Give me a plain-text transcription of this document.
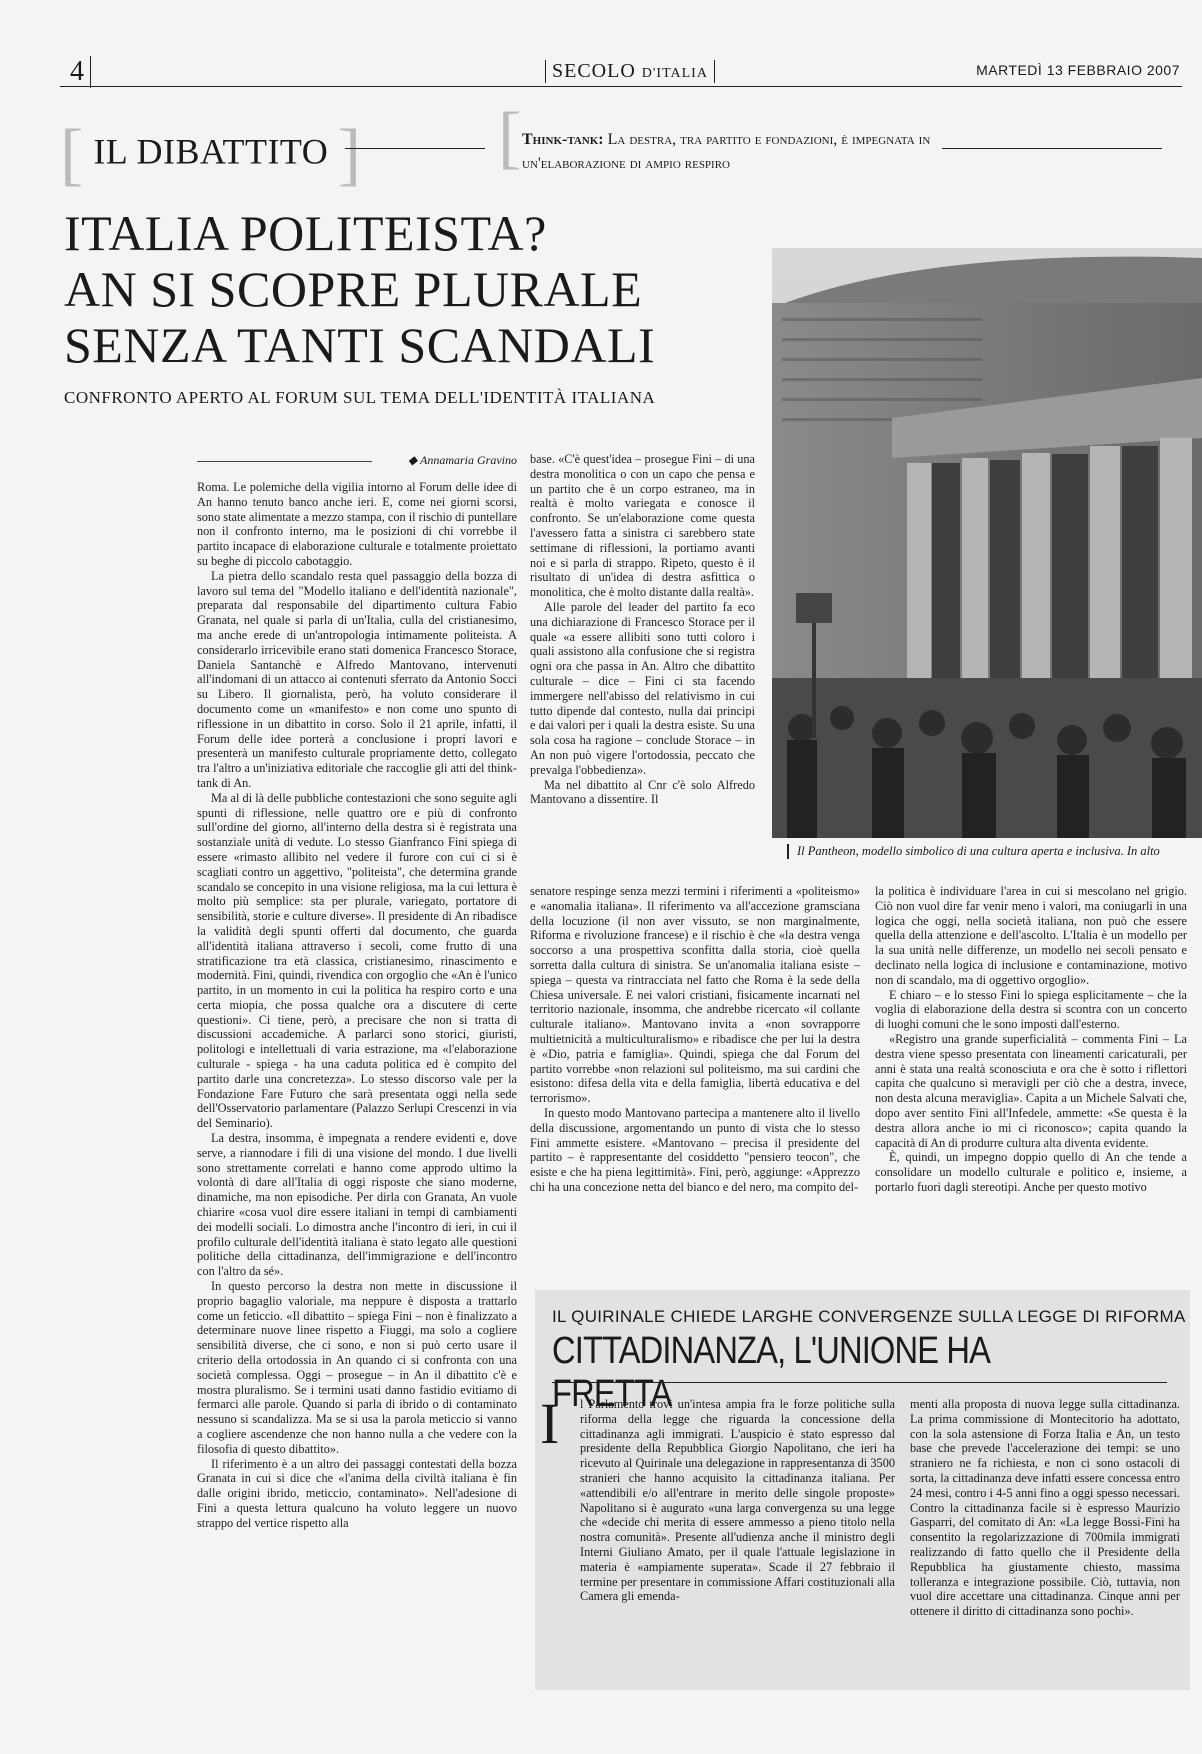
4	SECOLO D'ITALIA	MARTEDÌ 13 FEBBRAIO 2007
[ IL DIBATTITO ] [ Think-tank: La destra, tra partito e fondazioni, è impegnata in un'elaborazione di ampio respiro
ITALIA POLITEISTA?
AN SI SCOPRE PLURALE
SENZA TANTI SCANDALI
CONFRONTO APERTO AL FORUM SUL TEMA DELL'IDENTITÀ ITALIANA
Il Pantheon, modello simbolico di una cultura aperta e inclusiva. In alto
◆ Annamaria Gravino

Roma. Le polemiche della vigilia intorno al Forum delle idee di An hanno tenuto banco anche ieri. E, come nei giorni scorsi, sono state alimentate a mezzo stampa, con il rischio di puntellare non il confronto interno, ma le posizioni di chi vorrebbe il partito incapace di elaborazione culturale e totalmente proiettato su beghe di piccolo cabotaggio.

La pietra dello scandalo resta quel passaggio della bozza di lavoro sul tema del "Modello italiano e dell'identità nazionale", preparata dal responsabile del dipartimento cultura Fabio Granata, nel quale si parla di un'Italia, culla del cristianesimo, ma anche erede di un'antropologia intimamente politeista. A considerarlo irricevibile erano stati domenica Francesco Storace, Daniela Santanchè e Alfredo Mantovano, intervenuti all'indomani di un attacco ai contenuti sferrato da Antonio Socci su Libero. Il giornalista, però, ha voluto considerare il documento come un «manifesto» e non come uno spunto di riflessione in un dibattito in corso. Solo il 21 aprile, infatti, il Forum delle idee porterà a conclusione i propri lavori e presenterà un manifesto culturale propriamente detto, collegato tra l'altro a un'iniziativa editoriale che raccoglie gli atti del think-tank di An.

Ma al di là delle pubbliche contestazioni che sono seguite agli spunti di riflessione, nelle quattro ore e più di confronto sull'ordine del giorno, all'interno della destra si è registrata una sostanziale unità di vedute. Lo stesso Gianfranco Fini spiega di essere «rimasto allibito nel vedere il furore con cui ci si è scagliati contro un aggettivo, "politeista", che determina grande scandalo se concepito in una visione religiosa, ma la cui lettura è molto più semplice: sta per plurale, variegato, portatore di sensibilità, storie e culture diverse». Il presidente di An ribadisce la validità degli spunti offerti dal documento, che guarda all'identità italiana attraverso i secoli, come frutto di una stratificazione tra età classica, cristianesimo, rinascimento e modernità. Fini, quindi, rivendica con orgoglio che «An è l'unico partito, in un momento in cui la politica ha respiro corto e una certa miopia, che possa qualche ora a discutere di certe questioni». Ci tiene, però, a precisare che non si tratta di discussioni accademiche. A parlarci sono storici, giuristi, politologi e intellettuali di varia estrazione, ma «l'elaborazione culturale - spiega - ha una caduta politica ed è compito del partito darle una concretezza». Lo stesso discorso vale per la Fondazione Fare Futuro che sarà presentata oggi nella sede dell'Osservatorio parlamentare (Palazzo Serlupi Crescenzi in via del Seminario).

La destra, insomma, è impegnata a rendere evidenti e, dove serve, a riannodare i fili di una visione del mondo. I due livelli sono strettamente correlati e hanno come approdo ultimo la volontà di dare all'Italia di oggi risposte che siano moderne, dinamiche, ma non episodiche. Per dirla con Granata, An vuole chiarire «cosa vuol dire essere italiani in tempi di cambiamenti dei modelli sociali. Lo dimostra anche l'incontro di ieri, in cui il profilo culturale dell'identità italiana è stato legato alle questioni politiche della cittadinanza, dell'immigrazione e dell'incontro con l'altro da sé».

In questo percorso la destra non mette in discussione il proprio bagaglio valoriale, ma neppure è disposta a trattarlo come un feticcio. «Il dibattito – spiega Fini – non è finalizzato a determinare nuove linee rispetto a Fiuggi, ma solo a cogliere sensibilità diverse, che ci sono, e non si può certo usare il criterio della ortodossia in An quando ci si confronta con una società complessa. Oggi – prosegue – in An il dibattito c'è e mostra pluralismo. Se i termini usati danno fastidio evitiamo di fermarci alle parole. Quando si parla di ibrido o di contaminato nessuno si scandalizza. Ma se si usa la parola meticcio si vanno a cogliere ascendenze che non hanno nulla a che vedere con la filosofia di questo dibattito».

Il riferimento è a un altro dei passaggi contestati della bozza Granata in cui si dice che «l'anima della civiltà italiana è fin dalle origini ibrido, meticcio, contaminato». Nell'adesione di Fini a questa lettura qualcuno ha voluto leggere un nuovo strappo del vertice rispetto alla

base. «C'è quest'idea – prosegue Fini – di una destra monolitica o con un capo che pensa e un partito che è un corpo estraneo, ma in realtà è molto variegata e conosce il confronto. Se un'elaborazione come questa l'avessero fatta a sinistra ci sarebbero state settimane di riflessioni, la portiamo avanti noi e si parla di strappo. Ripeto, questo è il risultato di un'idea di destra asfittica o monolitica, che è molto distante dalla realtà».

Alle parole del leader del partito fa eco una dichiarazione di Francesco Storace per il quale «a essere allibiti sono tutti coloro i quali assistono alla confusione che si registra ogni ora che passa in An. Altro che dibattito culturale – dice – Fini ci sta facendo immergere nell'abisso del relativismo in cui tutto dipende dal contesto, nulla dai principi e dai valori per i quali la destra esiste. Su una sola cosa ha ragione – conclude Storace – in An non può vigere l'ortodossia, peccato che prevalga l'obbedienza».

Ma nel dibattito al Cnr c'è solo Alfredo Mantovano a dissentire. Il

senatore respinge senza mezzi termini i riferimenti a «politeismo» e «anomalia italiana». Il riferimento va all'accezione gramsciana della locuzione (il non aver vissuto, se non marginalmente, Riforma e rivoluzione francese) e il rischio è che «la destra venga soccorso a una prospettiva sconfitta dalla storia, cioè quella sorretta dalla cultura di sinistra. Se un'anomalia italiana esiste – spiega – questa va rintracciata nel fatto che Roma è la sede della Chiesa universale. E nei valori cristiani, fisicamente incarnati nel territorio nazionale, insomma, che andrebbe ricercato «il collante culturale italiano». Mantovano invita a «non sovrapporre multietnicità a multiculturalismo» e ribadisce che per lui la destra è «Dio, patria e famiglia». Quindi, spiega che dal Forum del partito vorrebbe «non relazioni sul politeismo, ma sui cardini che esistono: difesa della vita e della famiglia, libertà educativa e del terrorismo».

In questo modo Mantovano partecipa a mantenere alto il livello della discussione, argomentando un punto di vista che lo stesso Fini ammette esistere. «Mantovano – precisa il presidente del partito – è rappresentante del cosiddetto "pensiero teocon", che esiste e che ha piena legittimità». Fini, però, aggiunge: «Apprezzo chi ha una concezione netta del bianco e del nero, ma compito del-

la politica è individuare l'area in cui si mescolano nel grigio. Ciò non vuol dire far venir meno i valori, ma coniugarli in una logica che oggi, nella società italiana, non può che essere quella della attenzione e dell'ascolto. L'Italia è un modello per la sua unità nelle differenze, un modello nei secoli pensato e declinato nella logica di inclusione e contaminazione, motivo non di scandalo, ma di oggettivo orgoglio».

E chiaro – e lo stesso Fini lo spiega esplicitamente – che la voglia di elaborazione della destra si scontra con un concerto di luoghi comuni che le sono imposti dall'esterno.

«Registro una grande superficialità – commenta Fini – La destra viene spesso presentata con lineamenti caricaturali, per anni è stata una realtà sconosciuta e ora che è sotto i riflettori capita che qualcuno si meravigli per ciò che a destra, invece, non desta alcuna meraviglia». Capita a un Michele Salvati che, dopo aver sentito Fini all'Infedele, ammette: «Se questa è la destra allora anche io mi ci riconosco»; capita quando la capacità di An di produrre cultura alta diventa evidente.

È, quindi, un impegno doppio quello di An che tende a consolidare un modello culturale e politico e, insieme, a portarlo fuori dagli stereotipi. Anche per questo motivo

IL QUIRINALE CHIEDE LARGHE CONVERGENZE SULLA LEGGE DI RIFORMA
CITTADINANZA, L'UNIONE HA FRETTA
I l Parlamento trovi un'intesa ampia fra le forze politiche sulla riforma della legge che riguarda la concessione della cittadinanza agli immigrati. L'auspicio è stato espresso dal presidente della Repubblica Giorgio Napolitano, che ieri ha ricevuto al Quirinale una delegazione in rappresentanza di 3500 stranieri che hanno acquisito la cittadinanza italiana. Per «attendibili e/o all'entrare in merito delle singole proposte» Napolitano si è augurato «una larga convergenza su una legge che «decide chi merita di essere ammesso a pieno titolo nella nostra comunità». Presente all'udienza anche il ministro degli Interni Giuliano Amato, per il quale l'attuale legislazione in materia è «ampiamente superata». Scade il 27 febbraio il termine per presentare in commissione Affari costituzionali alla Camera gli emenda-
menti alla proposta di nuova legge sulla cittadinanza. La prima commissione di Montecitorio ha adottato, con la sola astensione di Forza Italia e An, un testo base che prevede l'accelerazione dei tempi: se uno straniero ne fa richiesta, e non ci sono ostacoli di sorta, la cittadinanza deve infatti essere concessa entro 24 mesi, contro i 4-5 anni fino a oggi spesso necessari. Contro la cittadinanza facile si è espresso Maurizio Gasparri, del comitato di An: «La legge Bossi-Fini ha consentito la regolarizzazione di 700mila immigrati realizzando di fatto quello che il Presidente della Repubblica ha giustamente chiesto, massima tolleranza e integrazione possibile. Ciò, tuttavia, non vuol dire accettare una cittadinanza. Cinque anni per ottenere il diritto di cittadinanza sono pochi».
